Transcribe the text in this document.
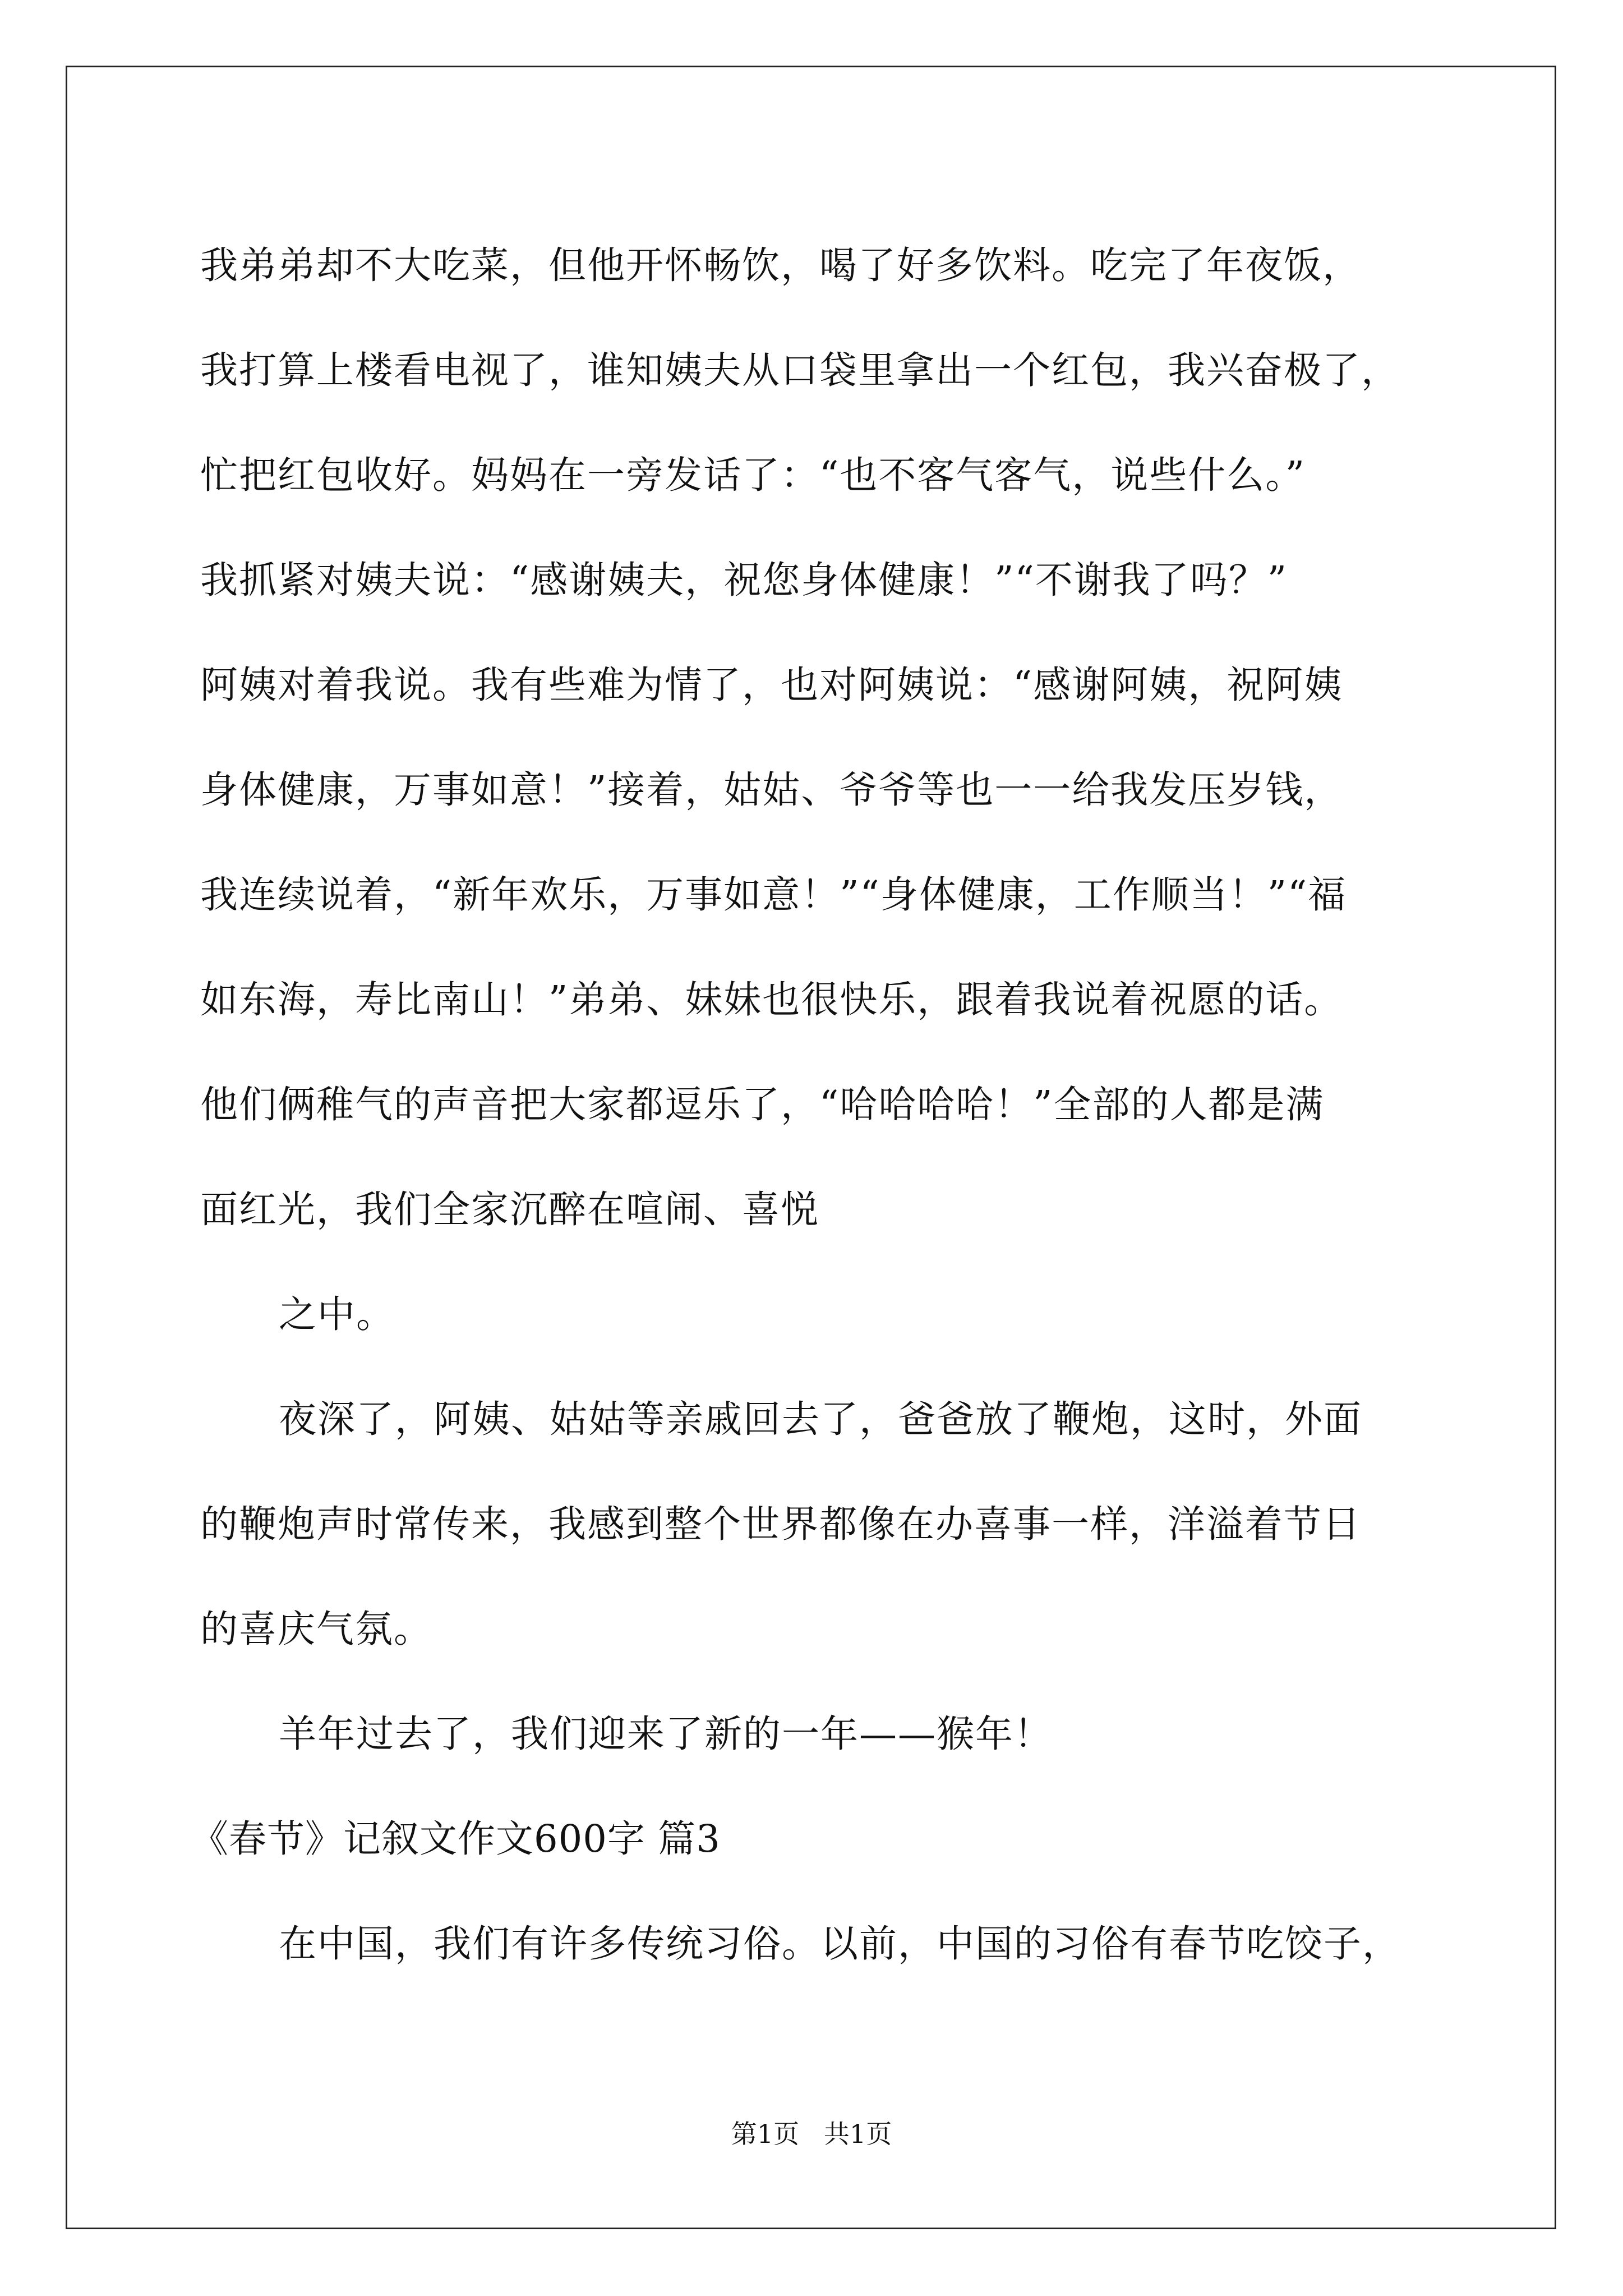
我弟弟却不大吃菜，但他开怀畅饮，喝了好多饮料。吃完了年夜饭，
我打算上楼看电视了，谁知姨夫从口袋里拿出一个红包，我兴奋极了，
忙把红包收好。妈妈在一旁发话了：“也不客气客气，说些什么。”
我抓紧对姨夫说：“感谢姨夫，祝您身体健康！”“不谢我了吗？”
阿姨对着我说。我有些难为情了，也对阿姨说：“感谢阿姨，祝阿姨
身体健康，万事如意！”接着，姑姑、爷爷等也一一给我发压岁钱，
我连续说着，“新年欢乐，万事如意！”“身体健康，工作顺当！”“福
如东海，寿比南山！”弟弟、妹妹也很快乐，跟着我说着祝愿的话。
他们俩稚气的声音把大家都逗乐了，“哈哈哈哈！”全部的人都是满
面红光，我们全家沉醉在喧闹、喜悦
之中。
夜深了，阿姨、姑姑等亲戚回去了，爸爸放了鞭炮，这时，外面
的鞭炮声时常传来，我感到整个世界都像在办喜事一样，洋溢着节日
的喜庆气氛。
羊年过去了，我们迎来了新的一年——猴年！
《春节》记叙文作文600字 篇3
在中国，我们有许多传统习俗。以前，中国的习俗有春节吃饺子，
第1页   共1页
